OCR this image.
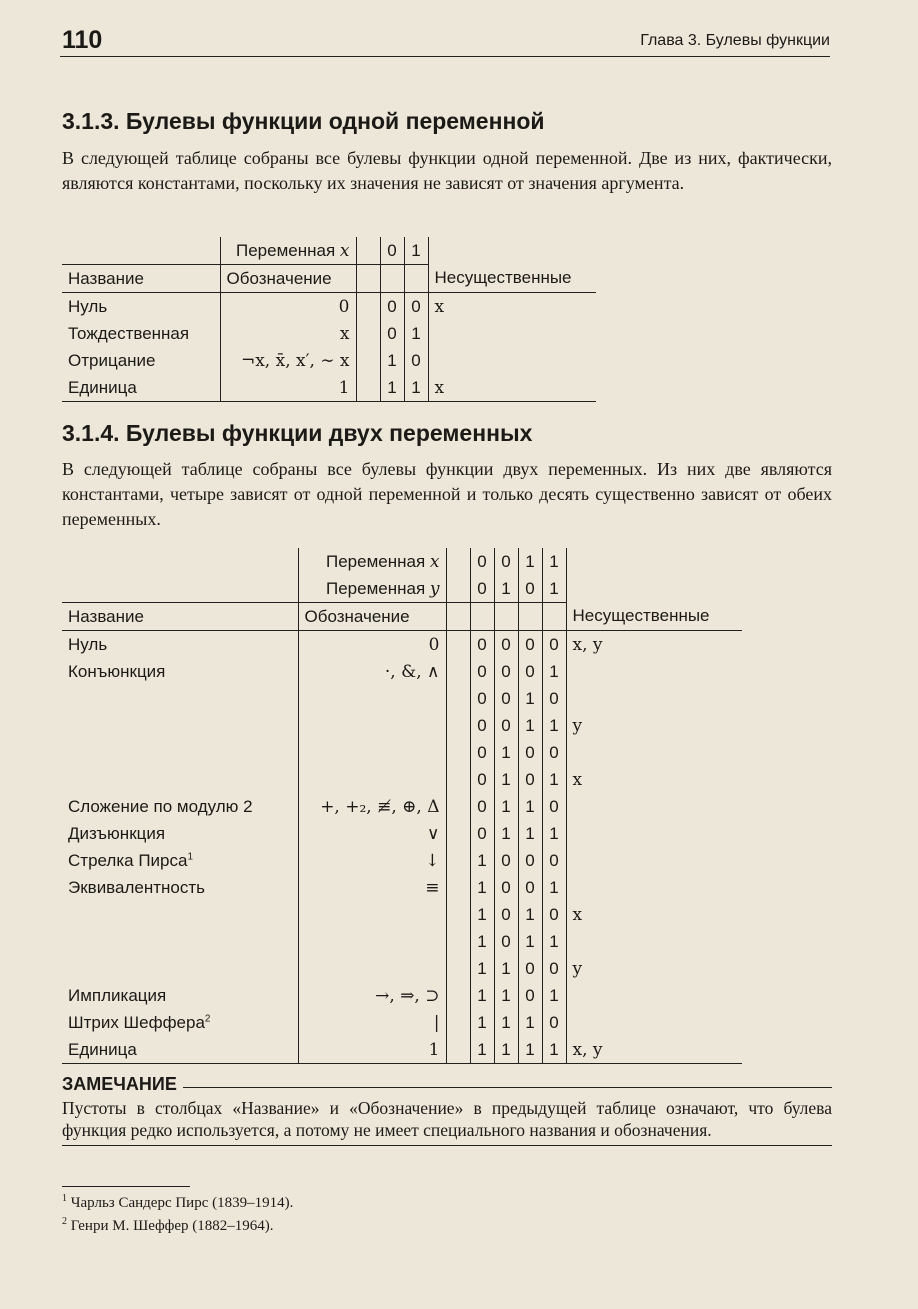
110	Глава 3. Булевы функции
3.1.3. Булевы функции одной переменной
В следующей таблице собраны все булевы функции одной переменной. Две из них, фактически, являются константами, поскольку их значения не зависят от значения аргумента.
	Переменная x		0	1	
Название	Обозначение				Несущественные
Нуль	0		0	0	x
Тождественная	x		0	1	
Отрицание	¬x, x̄, x′, ∼ x		1	0	
Единица	1		1	1	x
3.1.4. Булевы функции двух переменных
В следующей таблице собраны все булевы функции двух переменных. Из них две являются константами, четыре зависят от одной переменной и только десять существенно зависят от обеих переменных.
	Переменная x		0	0	1	1	
	Переменная y		0	1	0	1	
Название	Обозначение						Несущественные
Нуль	0		0	0	0	0	x, y
Конъюнкция	·, &, ∧		0	0	0	1	
			0	0	1	0	
			0	0	1	1	y
			0	1	0	0	
			0	1	0	1	x
Сложение по модулю 2	+, +₂, ≢, ⊕, Δ		0	1	1	0	
Дизъюнкция	∨		0	1	1	1	
Стрелка Пирса$^1$	↓		1	0	0	0	
Эквивалентность	≡		1	0	0	1	
			1	0	1	0	x
			1	0	1	1	
			1	1	0	0	y
Импликация	→, ⇒, ⊃		1	1	0	1	
Штрих Шеффера$^2$	|		1	1	1	0	
Единица	1		1	1	1	1	x, y
ЗАМЕЧАНИЕ
Пустоты в столбцах «Название» и «Обозначение» в предыдущей таблице означают, что булева функция редко используется, а потому не имеет специального названия и обозначения.
$^1$ Чарльз Сандерс Пирс (1839–1914).
$^2$ Генри М. Шеффер (1882–1964).
